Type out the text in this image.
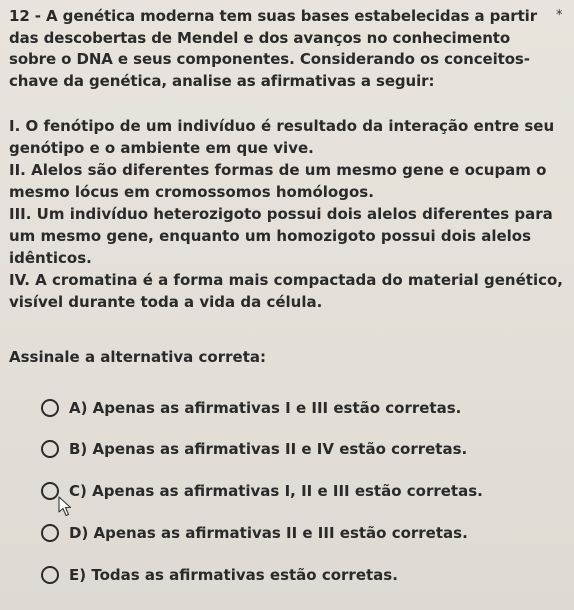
12 - A genética moderna tem suas bases estabelecidas a partir
das descobertas de Mendel e dos avanços no conhecimento
sobre o DNA e seus componentes. Considerando os conceitos-
chave da genética, analise as afirmativas a seguir:
*
I. O fenótipo de um indivíduo é resultado da interação entre seu
genótipo e o ambiente em que vive.
II. Alelos são diferentes formas de um mesmo gene e ocupam o
mesmo lócus em cromossomos homólogos.
III. Um indivíduo heterozigoto possui dois alelos diferentes para
um mesmo gene, enquanto um homozigoto possui dois alelos
idênticos.
IV. A cromatina é a forma mais compactada do material genético,
visível durante toda a vida da célula.
Assinale a alternativa correta:
A) Apenas as afirmativas I e III estão corretas.
B) Apenas as afirmativas II e IV estão corretas.
C) Apenas as afirmativas I, II e III estão corretas.
D) Apenas as afirmativas II e III estão corretas.
E) Todas as afirmativas estão corretas.
